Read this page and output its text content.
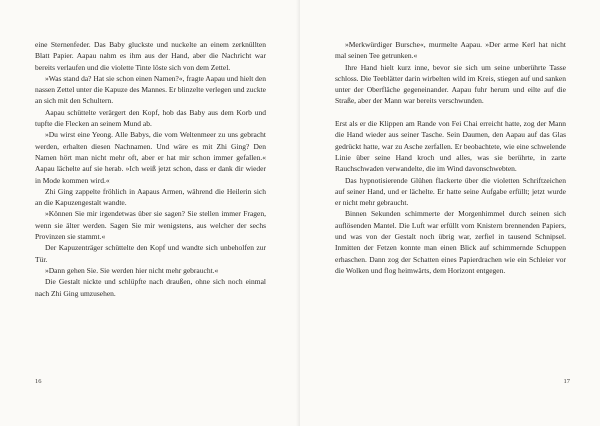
eine Sternenfeder. Das Baby gluckste und nuckelte an einem zerknüllten Blatt Papier. Aapau nahm es ihm aus der Hand, aber die Nachricht war bereits verlaufen und die violette Tinte löste sich von dem Zettel.

»Was stand da? Hat sie schon einen Namen?«, fragte Aapau und hielt den nassen Zettel unter die Kapuze des Mannes. Er blinzelte verlegen und zuckte an sich mit den Schultern.

Aapau schüttelte verärgert den Kopf, hob das Baby aus dem Korb und tupfte die Flecken an seinem Mund ab.

»Du wirst eine Yeong. Alle Babys, die vom Weltenmeer zu uns gebracht werden, erhalten diesen Nachnamen. Und wäre es mit Zhi Ging? Den Namen hört man nicht mehr oft, aber er hat mir schon immer gefallen.« Aapau lächelte auf sie herab. »Ich weiß jetzt schon, dass er dank dir wieder in Mode kommen wird.«

Zhi Ging zappelte fröhlich in Aapaus Armen, während die Heilerin sich an die Kapuzengestalt wandte.

»Können Sie mir irgendetwas über sie sagen? Sie stellen immer Fragen, wenn sie älter werden. Sagen Sie mir wenigstens, aus welcher der sechs Provinzen sie stammt.«

Der Kapuzenträger schüttelte den Kopf und wandte sich unbeholfen zur Tür.

»Dann gehen Sie. Sie werden hier nicht mehr gebraucht.«

Die Gestalt nickte und schlüpfte nach draußen, ohne sich noch einmal nach Zhi Ging umzusehen.

16

»Merkwürdiger Bursche«, murmelte Aapau. »Der arme Kerl hat nicht mal seinen Tee getrunken.«

Ihre Hand hielt kurz inne, bevor sie sich um seine unberührte Tasse schloss. Die Teeblätter darin wirbelten wild im Kreis, stiegen auf und sanken unter der Oberfläche gegeneinander. Aapau fuhr herum und eilte auf die Straße, aber der Mann war bereits verschwunden.

Erst als er die Klippen am Rande von Fei Chai erreicht hatte, zog der Mann die Hand wieder aus seiner Tasche. Sein Daumen, den Aapau auf das Glas gedrückt hatte, war zu Asche zerfallen. Er beobachtete, wie eine schwelende Linie über seine Hand kroch und alles, was sie berührte, in zarte Rauchschwaden verwandelte, die im Wind davonschwebten.

Das hypnotisierende Glühen flackerte über die violetten Schriftzeichen auf seiner Hand, und er lächelte. Er hatte seine Aufgabe erfüllt; jetzt wurde er nicht mehr gebraucht.

Binnen Sekunden schimmerte der Morgenhimmel durch seinen sich auflösenden Mantel. Die Luft war erfüllt vom Knistern brennenden Papiers, und was von der Gestalt noch übrig war, zerfiel in tausend Schnipsel. Inmitten der Fetzen konnte man einen Blick auf schimmernde Schuppen erhaschen. Dann zog der Schatten eines Papierdrachen wie ein Schleier vor die Wolken und flog heimwärts, dem Horizont entgegen.

17
